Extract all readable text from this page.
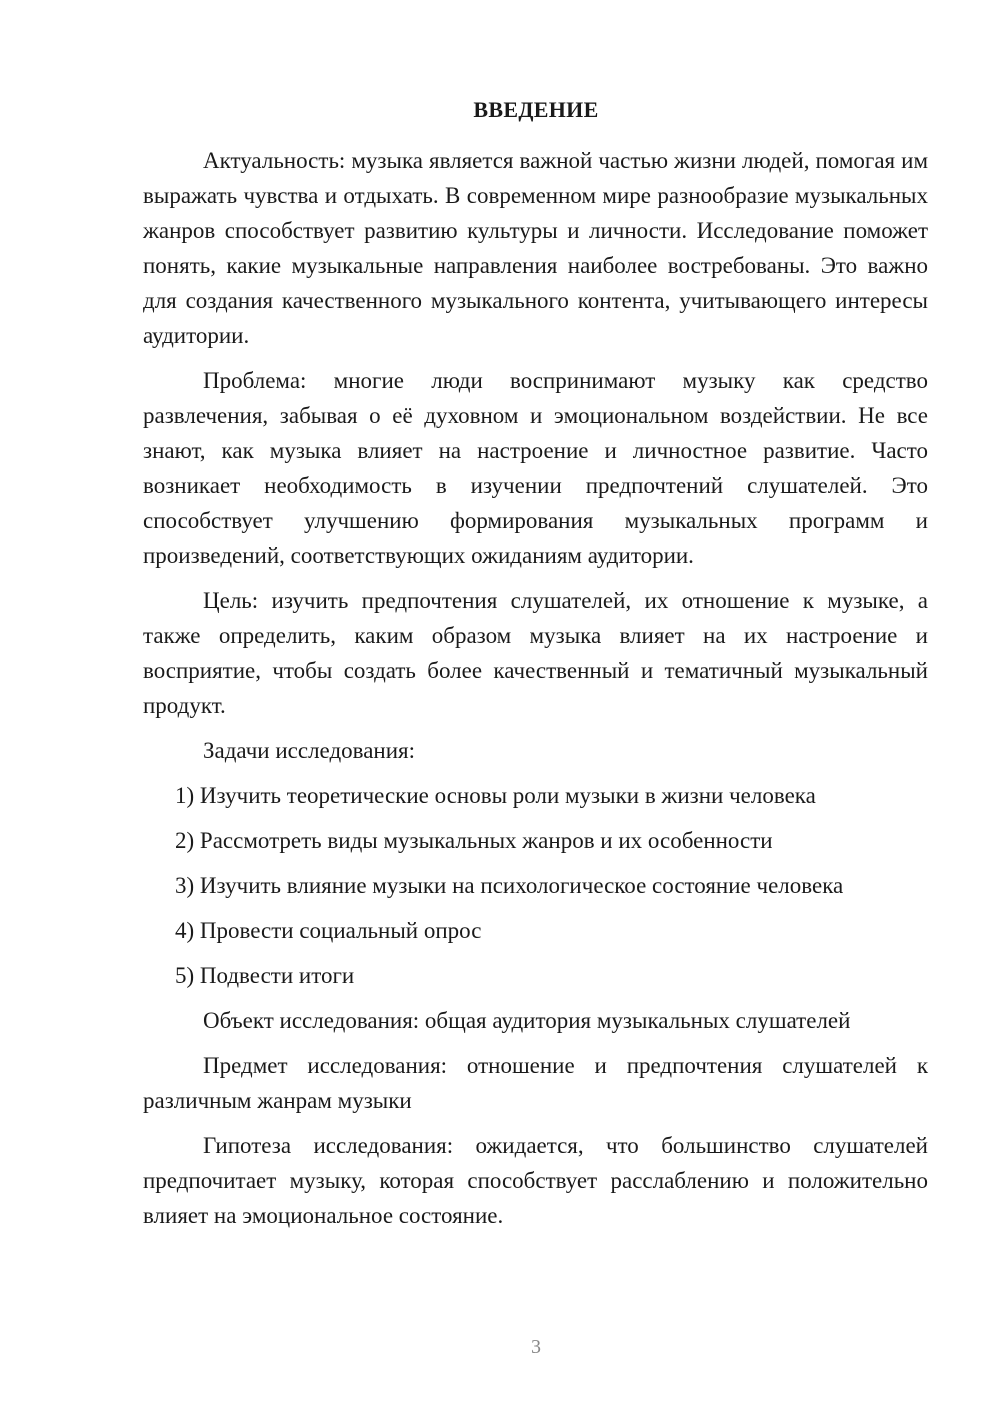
ВВЕДЕНИЕ

Актуальность: музыка является важной частью жизни людей, помогая им выражать чувства и отдыхать. В современном мире разнообразие музыкальных жанров способствует развитию культуры и личности. Исследование поможет понять, какие музыкальные направления наиболее востребованы. Это важно для создания качественного музыкального контента, учитывающего интересы аудитории.

Проблема: многие люди воспринимают музыку как средство развлечения, забывая о её духовном и эмоциональном воздействии. Не все знают, как музыка влияет на настроение и личностное развитие. Часто возникает необходимость в изучении предпочтений слушателей. Это способствует улучшению формирования музыкальных программ и произведений, соответствующих ожиданиям аудитории.

Цель: изучить предпочтения слушателей, их отношение к музыке, а также определить, каким образом музыка влияет на их настроение и восприятие, чтобы создать более качественный и тематичный музыкальный продукт.

Задачи исследования:

1) Изучить теоретические основы роли музыки в жизни человека
2) Рассмотреть виды музыкальных жанров и их особенности
3) Изучить влияние музыки на психологическое состояние человека
4) Провести социальный опрос
5) Подвести итоги

Объект исследования: общая аудитория музыкальных слушателей

Предмет исследования: отношение и предпочтения слушателей к различным жанрам музыки

Гипотеза исследования: ожидается, что большинство слушателей предпочитает музыку, которая способствует расслаблению и положительно влияет на эмоциональное состояние.

3
